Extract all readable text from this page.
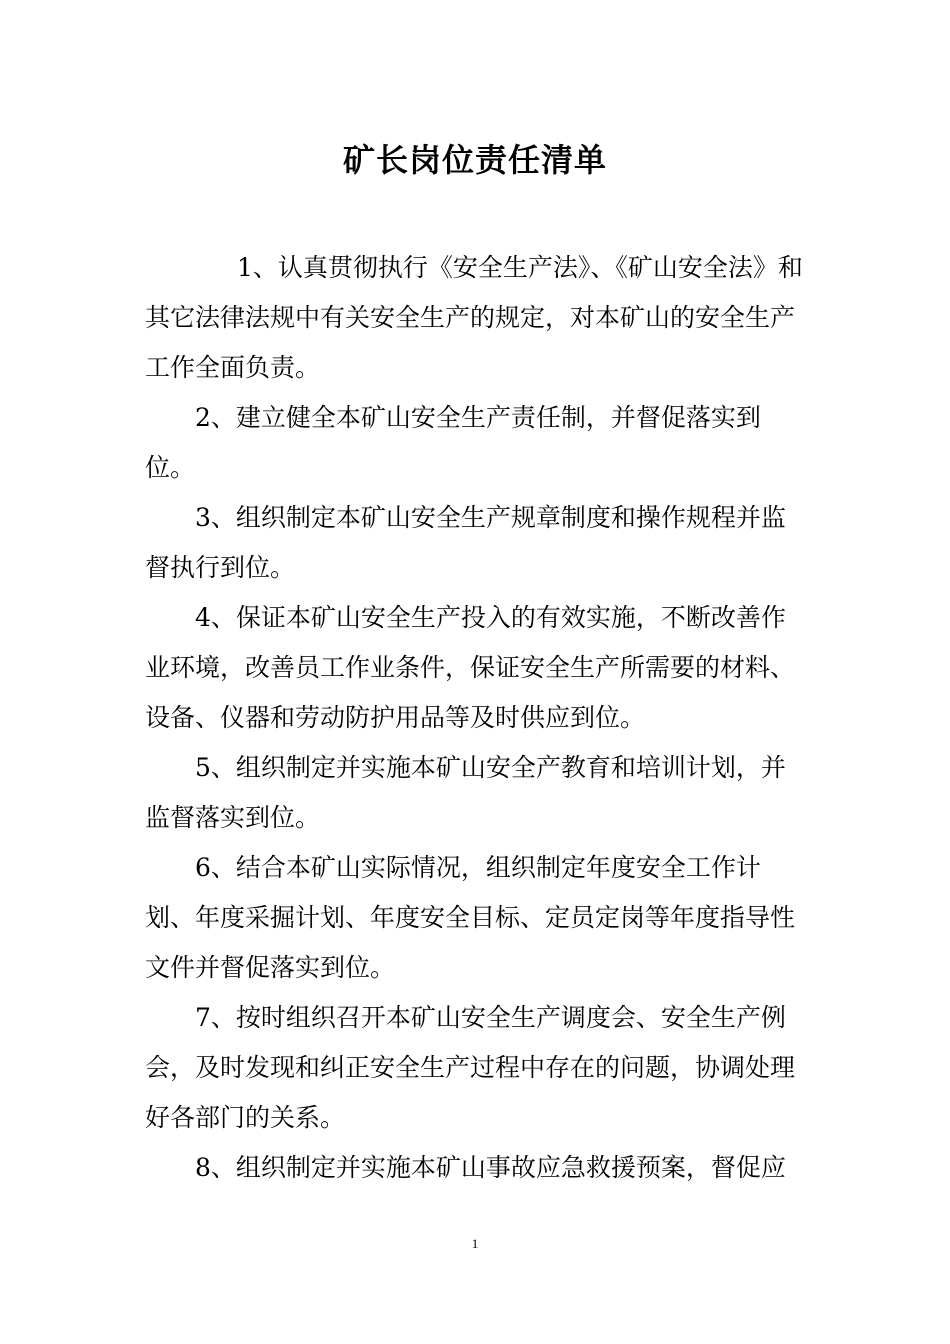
矿长岗位责任清单

1、认真贯彻执行《安全生产法》、《矿山安全法》和其它法律法规中有关安全生产的规定，对本矿山的安全生产工作全面负责。

2、建立健全本矿山安全生产责任制，并督促落实到位。

3、组织制定本矿山安全生产规章制度和操作规程并监督执行到位。

4、保证本矿山安全生产投入的有效实施，不断改善作业环境，改善员工作业条件，保证安全生产所需要的材料、设备、仪器和劳动防护用品等及时供应到位。

5、组织制定并实施本矿山安全产教育和培训计划，并监督落实到位。

6、结合本矿山实际情况，组织制定年度安全工作计划、年度采掘计划、年度安全目标、定员定岗等年度指导性文件并督促落实到位。

7、按时组织召开本矿山安全生产调度会、安全生产例会，及时发现和纠正安全生产过程中存在的问题，协调处理好各部门的关系。

8、组织制定并实施本矿山事故应急救援预案，督促应

1
